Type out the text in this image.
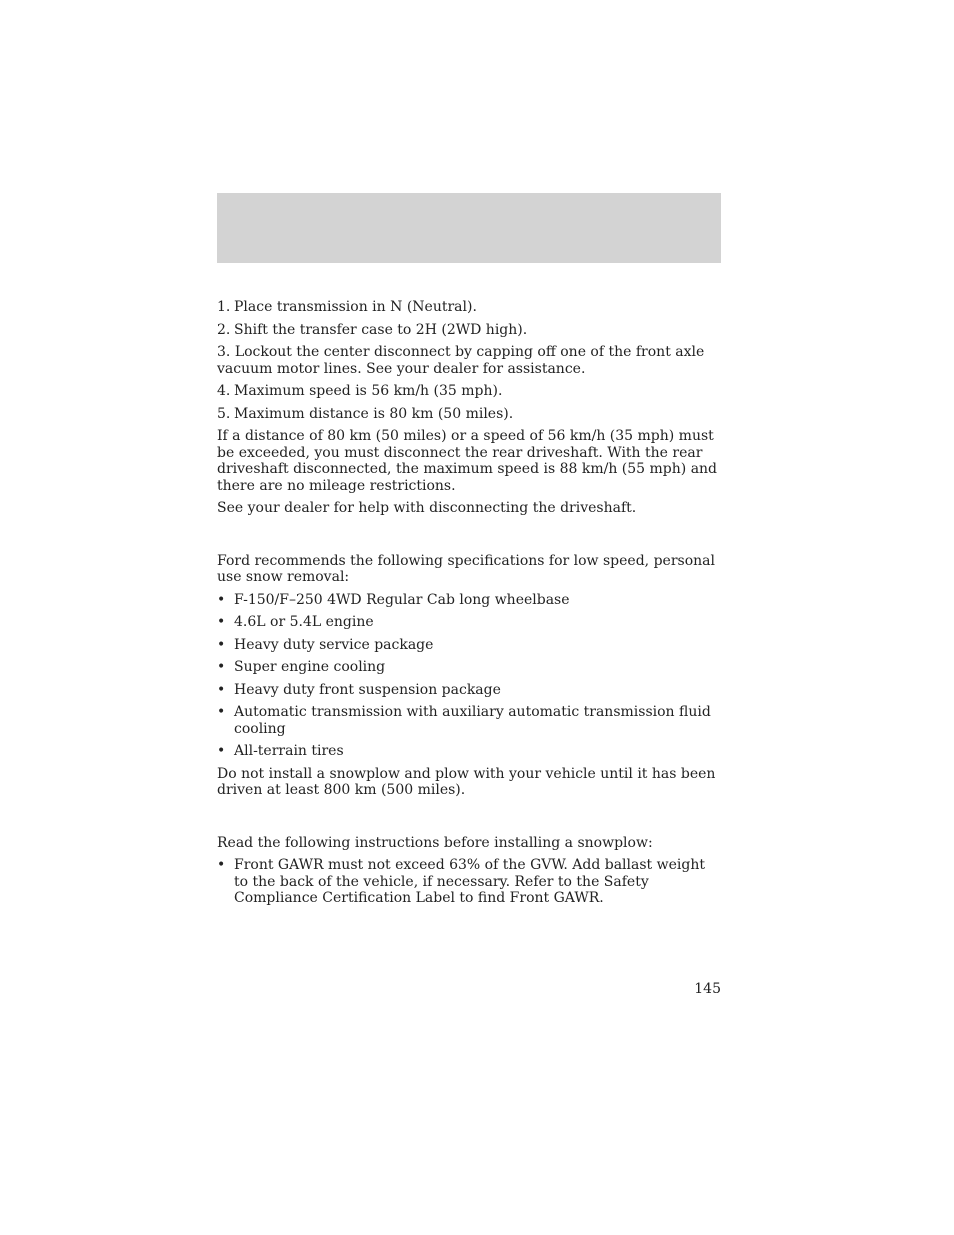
1. Place transmission in N (Neutral).
2. Shift the transfer case to 2H (2WD high).
3. Lockout the center disconnect by capping off one of the front axle vacuum motor lines. See your dealer for assistance.
4. Maximum speed is 56 km/h (35 mph).
5. Maximum distance is 80 km (50 miles).

If a distance of 80 km (50 miles) or a speed of 56 km/h (35 mph) must be exceeded, you must disconnect the rear driveshaft. With the rear driveshaft disconnected, the maximum speed is 88 km/h (55 mph) and there are no mileage restrictions.

See your dealer for help with disconnecting the driveshaft.

Ford recommends the following specifications for low speed, personal use snow removal:

• F-150/F–250 4WD Regular Cab long wheelbase
• 4.6L or 5.4L engine
• Heavy duty service package
• Super engine cooling
• Heavy duty front suspension package
• Automatic transmission with auxiliary automatic transmission fluid cooling
• All-terrain tires

Do not install a snowplow and plow with your vehicle until it has been driven at least 800 km (500 miles).

Read the following instructions before installing a snowplow:

• Front GAWR must not exceed 63% of the GVW. Add ballast weight to the back of the vehicle, if necessary. Refer to the Safety Compliance Certification Label to find Front GAWR.
145
